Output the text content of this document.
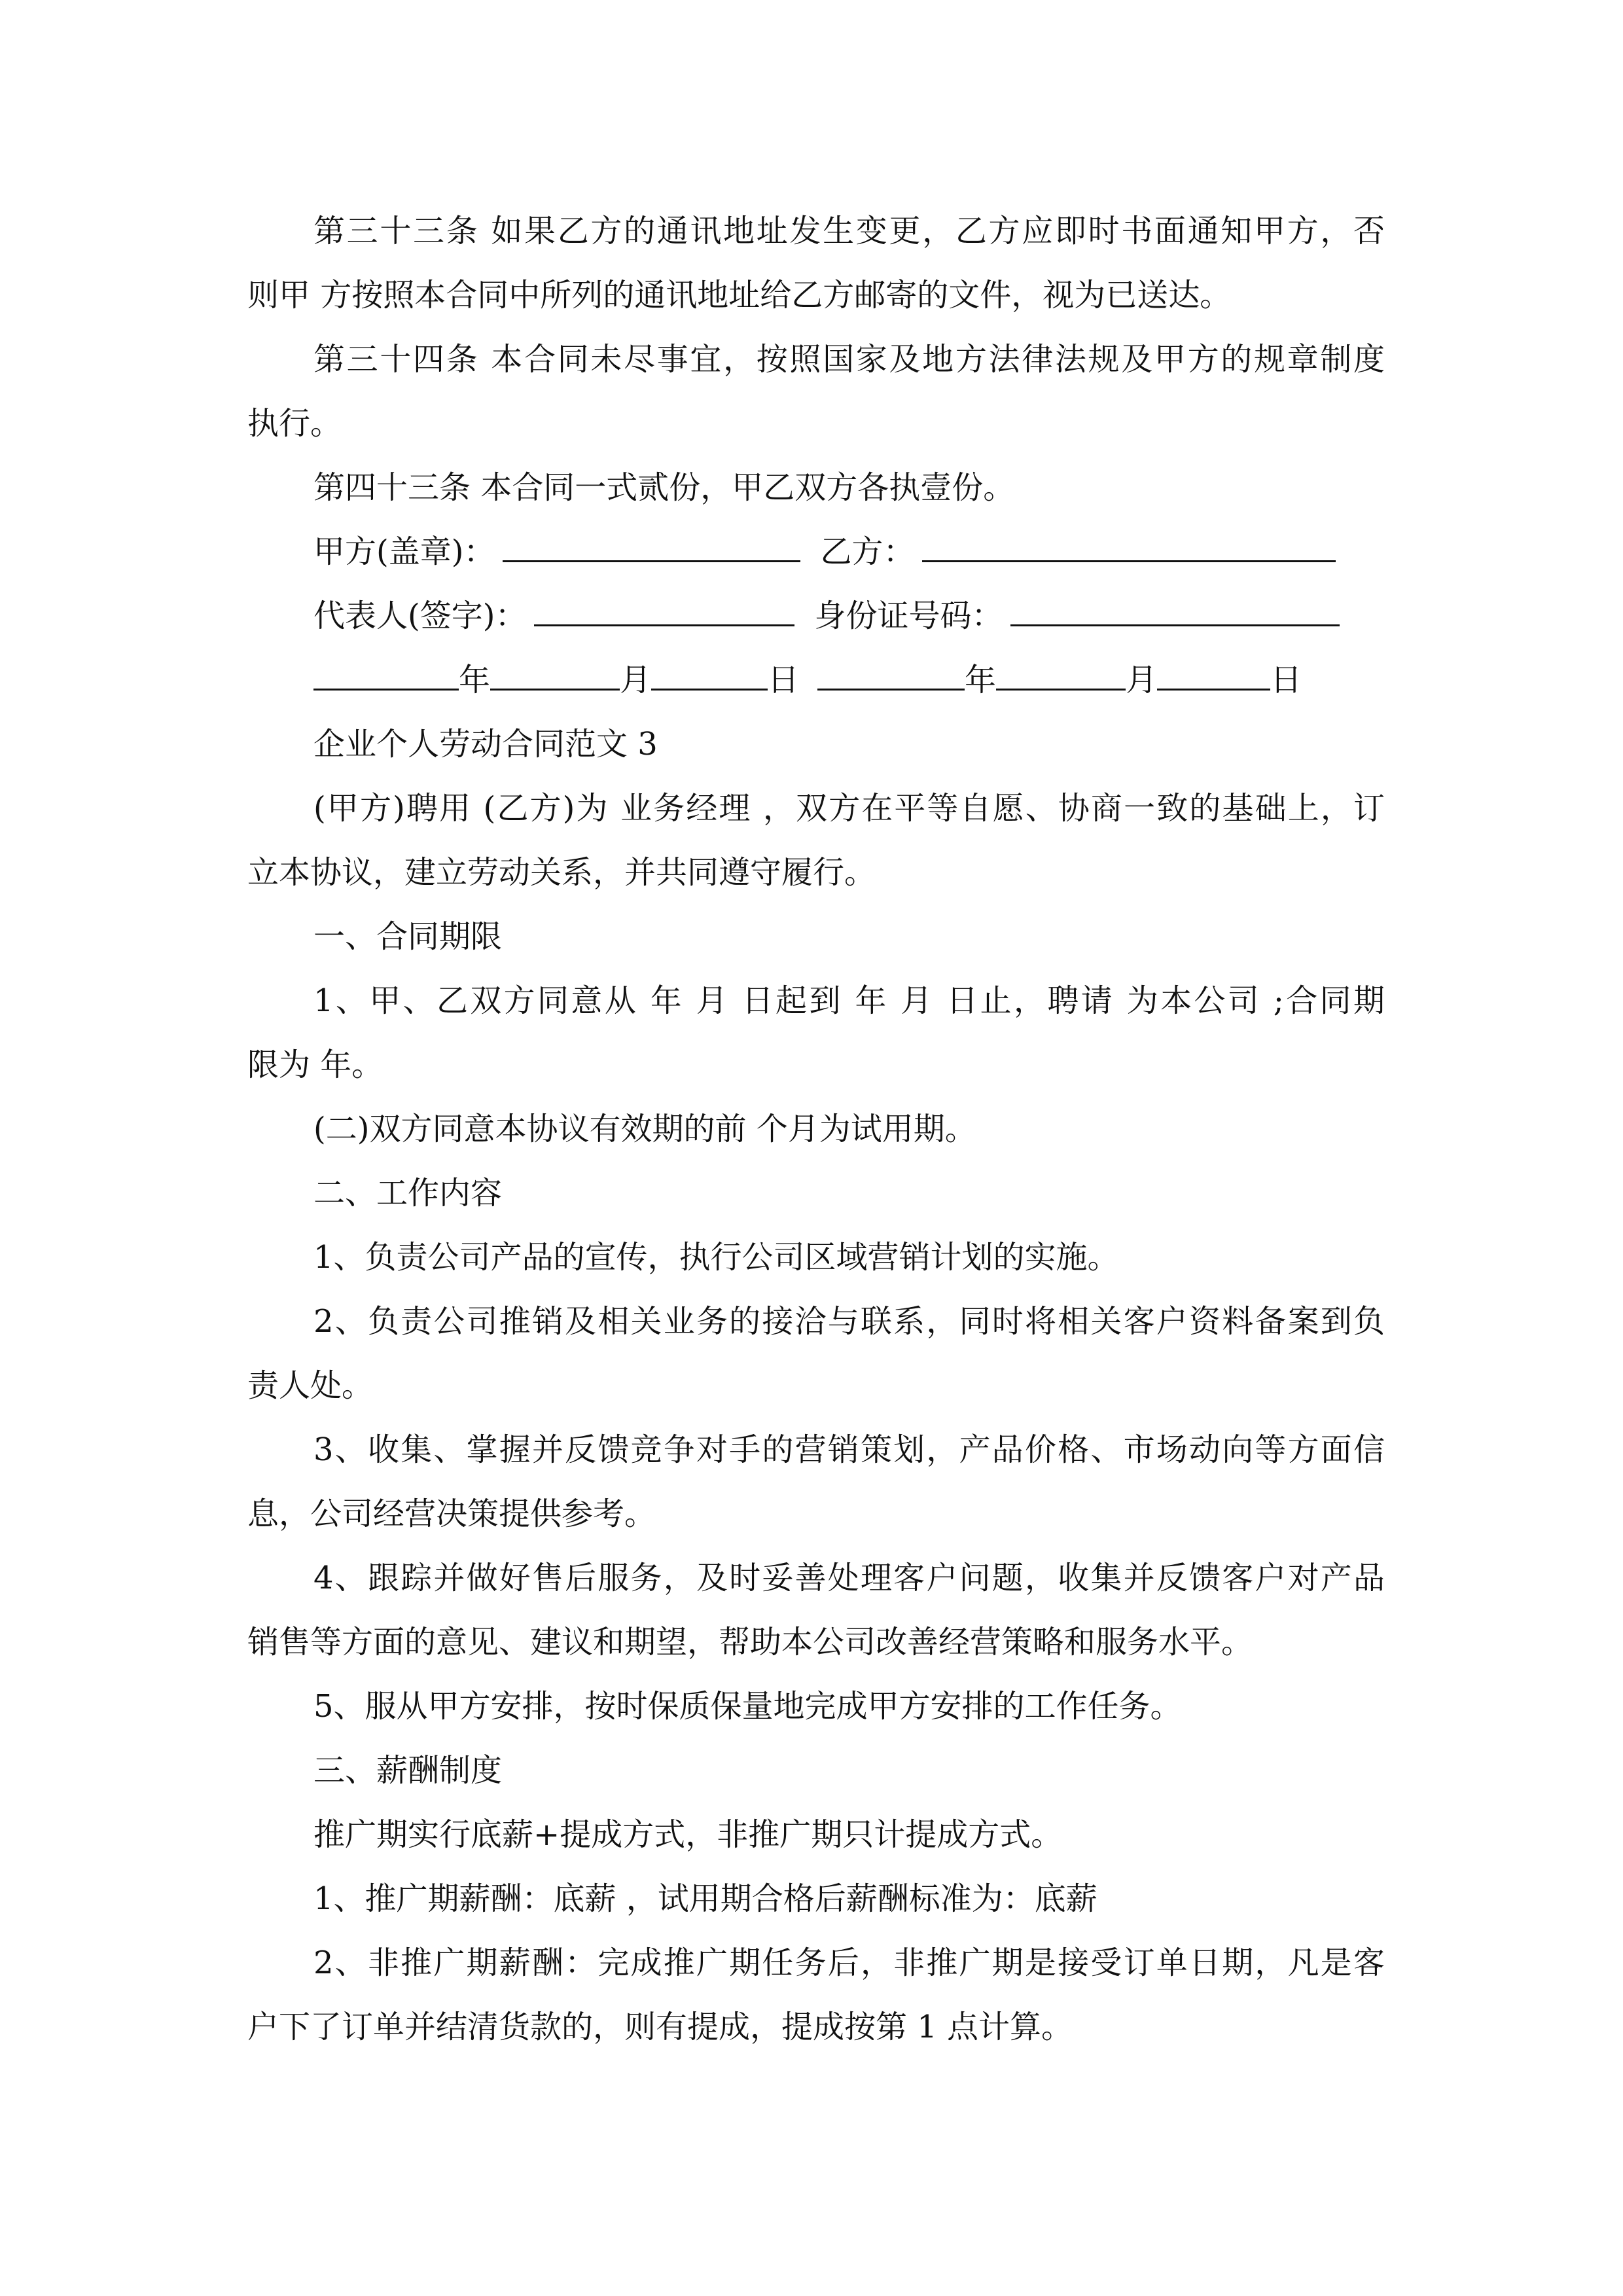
第三十三条 如果乙方的通讯地址发生变更，乙方应即时书面通知甲方，否
则甲 方按照本合同中所列的通讯地址给乙方邮寄的文件，视为已送达。
第三十四条 本合同未尽事宜，按照国家及地方法律法规及甲方的规章制度
执行。
第四十三条 本合同一式贰份，甲乙双方各执壹份。
甲方(盖章)：	乙方：
代表人(签字)：	身份证号码：
年	月	日	年	月	日
企业个人劳动合同范文 3
(甲方)聘用 (乙方)为 业务经理 ，双方在平等自愿、协商一致的基础上，订
立本协议，建立劳动关系，并共同遵守履行。
一、合同期限
1、甲、乙双方同意从 年 月 日起到 年 月 日止，聘请 为本公司 ;合同期
限为 年。
(二)双方同意本协议有效期的前 个月为试用期。
二、工作内容
1、负责公司产品的宣传，执行公司区域营销计划的实施。
2、负责公司推销及相关业务的接洽与联系，同时将相关客户资料备案到负
责人处。
3、收集、掌握并反馈竞争对手的营销策划，产品价格、市场动向等方面信
息，公司经营决策提供参考。
4、跟踪并做好售后服务，及时妥善处理客户问题，收集并反馈客户对产品
销售等方面的意见、建议和期望，帮助本公司改善经营策略和服务水平。
5、服从甲方安排，按时保质保量地完成甲方安排的工作任务。
三、薪酬制度
推广期实行底薪+提成方式，非推广期只计提成方式。
1、推广期薪酬：底薪 ，试用期合格后薪酬标准为：底薪
2、非推广期薪酬：完成推广期任务后，非推广期是接受订单日期，凡是客
户下了订单并结清货款的，则有提成，提成按第 1 点计算。
